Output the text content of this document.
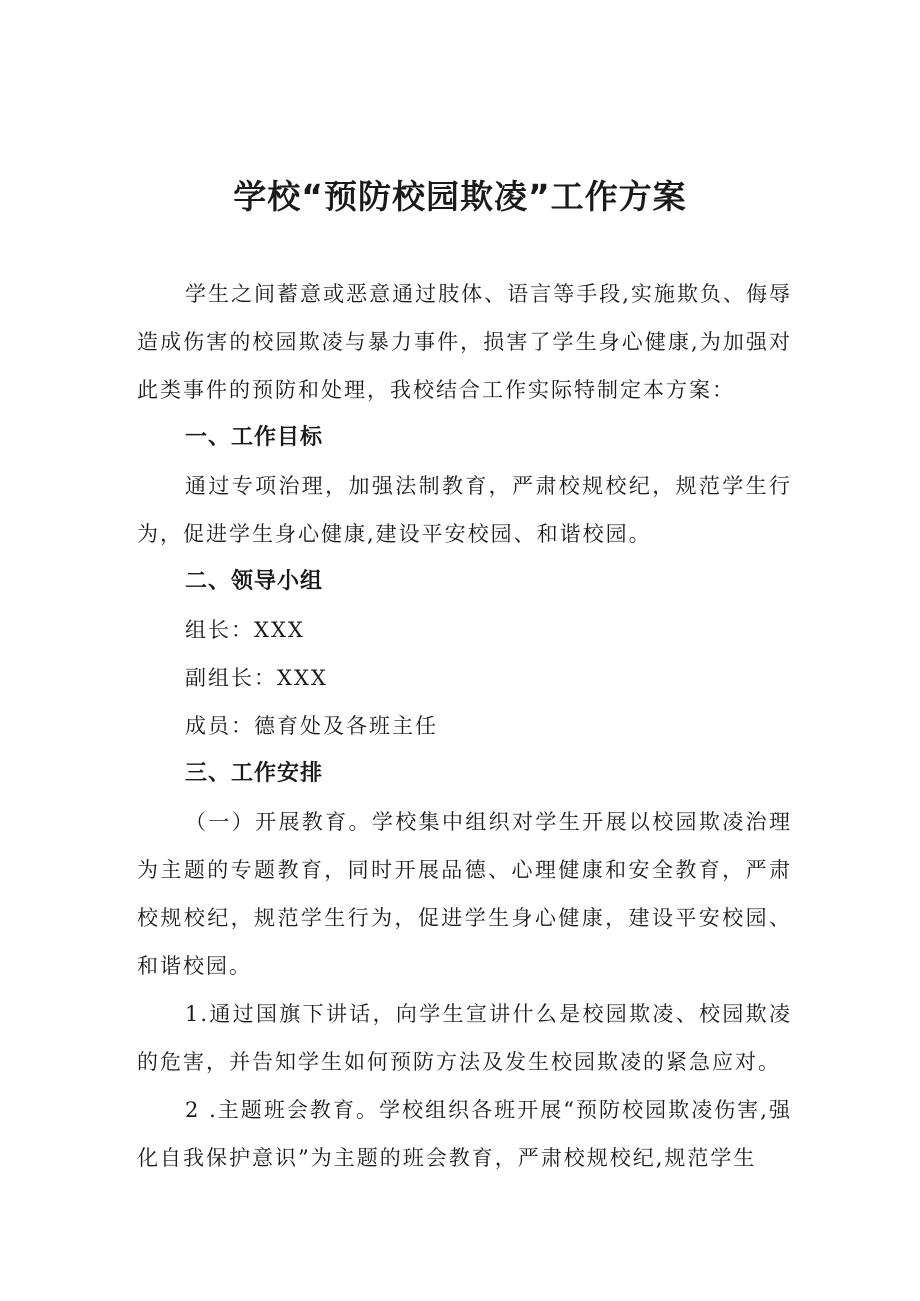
学校“预防校园欺凌”工作方案

学生之间蓄意或恶意通过肢体、语言等手段,实施欺负、侮辱造成伤害的校园欺凌与暴力事件，损害了学生身心健康,为加强对此类事件的预防和处理，我校结合工作实际特制定本方案：

一、工作目标

通过专项治理，加强法制教育，严肃校规校纪，规范学生行为，促进学生身心健康,建设平安校园、和谐校园。

二、领导小组

组长：XXX

副组长：XXX

成员：德育处及各班主任

三、工作安排

（一）开展教育。学校集中组织对学生开展以校园欺凌治理为主题的专题教育，同时开展品德、心理健康和安全教育，严肃校规校纪，规范学生行为，促进学生身心健康，建设平安校园、和谐校园。

1.通过国旗下讲话，向学生宣讲什么是校园欺凌、校园欺凌的危害，并告知学生如何预防方法及发生校园欺凌的紧急应对。

2 .主题班会教育。学校组织各班开展“预防校园欺凌伤害,强化自我保护意识”为主题的班会教育，严肃校规校纪,规范学生
